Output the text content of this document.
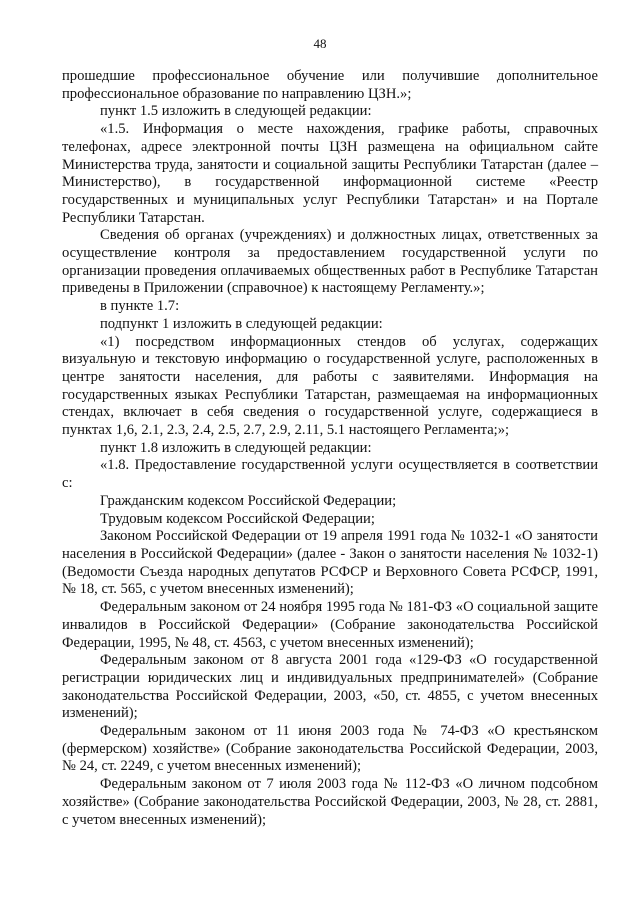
48

прошедшие профессиональное обучение или получившие дополнительное профессиональное образование по направлению ЦЗН.»;

пункт 1.5 изложить в следующей редакции:

«1.5. Информация о месте нахождения, графике работы, справочных телефонах, адресе электронной почты ЦЗН размещена на официальном сайте Министерства труда, занятости и социальной защиты Республики Татарстан (далее – Министерство), в государственной информационной системе «Реестр государственных и муниципальных услуг Республики Татарстан» и на Портале Республики Татарстан.

Сведения об органах (учреждениях) и должностных лицах, ответственных за осуществление контроля за предоставлением государственной услуги по организации проведения оплачиваемых общественных работ в Республике Татарстан приведены в Приложении (справочное) к настоящему Регламенту.»;

в пункте 1.7:

подпункт 1 изложить в следующей редакции:

«1) посредством информационных стендов об услугах, содержащих визуальную и текстовую информацию о государственной услуге, расположенных в центре занятости населения, для работы с заявителями. Информация на государственных языках Республики Татарстан, размещаемая на информационных стендах, включает в себя сведения о государственной услуге, содержащиеся в пунктах 1,6, 2.1, 2.3, 2.4, 2.5, 2.7, 2.9, 2.11, 5.1 настоящего Регламента;»;

пункт 1.8 изложить в следующей редакции:

«1.8. Предоставление государственной услуги осуществляется в соответствии с:

Гражданским кодексом Российской Федерации;

Трудовым кодексом Российской Федерации;

Законом Российской Федерации от 19 апреля 1991 года № 1032-1 «О занятости населения в Российской Федерации» (далее - Закон о занятости населения № 1032-1) (Ведомости Съезда народных депутатов РСФСР и Верховного Совета РСФСР, 1991, № 18, ст. 565, с учетом внесенных изменений);

Федеральным законом от 24 ноября 1995 года № 181-ФЗ «О социальной защите инвалидов в Российской Федерации» (Собрание законодательства Российской Федерации, 1995, № 48, ст. 4563, с учетом внесенных изменений);

Федеральным законом от 8 августа 2001 года «129-ФЗ «О государственной регистрации юридических лиц и индивидуальных предпринимателей» (Собрание законодательства Российской Федерации, 2003, «50, ст. 4855, с учетом внесенных изменений);

Федеральным законом от 11 июня 2003 года № 74-ФЗ «О крестьянском (фермерском) хозяйстве» (Собрание законодательства Российской Федерации, 2003, № 24, ст. 2249, с учетом внесенных изменений);

Федеральным законом от 7 июля 2003 года № 112-ФЗ «О личном подсобном хозяйстве» (Собрание законодательства Российской Федерации, 2003, № 28, ст. 2881, с учетом внесенных изменений);
